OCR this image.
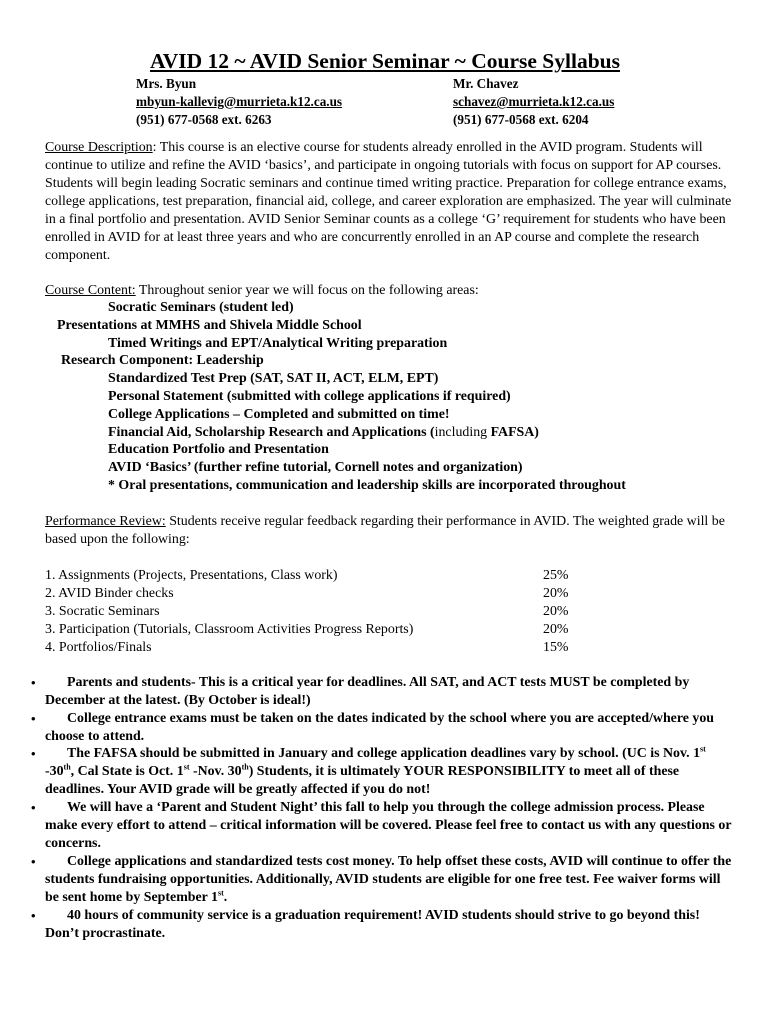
AVID 12 ~ AVID Senior Seminar ~ Course Syllabus
Mrs. Byun
mbyun-kallevig@murrieta.k12.ca.us
(951) 677-0568 ext. 6263
Mr. Chavez
schavez@murrieta.k12.ca.us
(951) 677-0568 ext. 6204
Course Description: This course is an elective course for students already enrolled in the AVID program. Students will continue to utilize and refine the AVID ‘basics’, and participate in ongoing tutorials with focus on support for AP courses. Students will begin leading Socratic seminars and continue timed writing practice. Preparation for college entrance exams, college applications, test preparation, financial aid, college, and career exploration are emphasized. The year will culminate in a final portfolio and presentation. AVID Senior Seminar counts as a college ‘G’ requirement for students who have been enrolled in AVID for at least three years and who are concurrently enrolled in an AP course and complete the research component.
Course Content: Throughout senior year we will focus on the following areas:
Socratic Seminars (student led)
Presentations at MMHS and Shivela Middle School
Timed Writings and EPT/Analytical Writing preparation
Research Component: Leadership
Standardized Test Prep (SAT, SAT II, ACT, ELM, EPT)
Personal Statement (submitted with college applications if required)
College Applications – Completed and submitted on time!
Financial Aid, Scholarship Research and Applications (including FAFSA)
Education Portfolio and Presentation
AVID ‘Basics’ (further refine tutorial, Cornell notes and organization)
* Oral presentations, communication and leadership skills are incorporated throughout
Performance Review: Students receive regular feedback regarding their performance in AVID. The weighted grade will be based upon the following:
1. Assignments (Projects, Presentations, Class work)	25%
2. AVID Binder checks	20%
3. Socratic Seminars	20%
3. Participation (Tutorials, Classroom Activities Progress Reports)	20%
4. Portfolios/Finals	15%
•	Parents and students- This is a critical year for deadlines. All SAT, and ACT tests MUST be completed by December at the latest. (By October is ideal!)
•	College entrance exams must be taken on the dates indicated by the school where you are accepted/where you choose to attend.
•	The FAFSA should be submitted in January and college application deadlines vary by school. (UC is Nov. 1st -30th, Cal State is Oct. 1st -Nov. 30th) Students, it is ultimately YOUR RESPONSIBILITY to meet all of these deadlines. Your AVID grade will be greatly affected if you do not!
•	We will have a ‘Parent and Student Night’ this fall to help you through the college admission process. Please make every effort to attend – critical information will be covered. Please feel free to contact us with any questions or concerns.
•	College applications and standardized tests cost money. To help offset these costs, AVID will continue to offer the students fundraising opportunities. Additionally, AVID students are eligible for one free test. Fee waiver forms will be sent home by September 1st.
•	40 hours of community service is a graduation requirement! AVID students should strive to go beyond this! Don’t procrastinate.
